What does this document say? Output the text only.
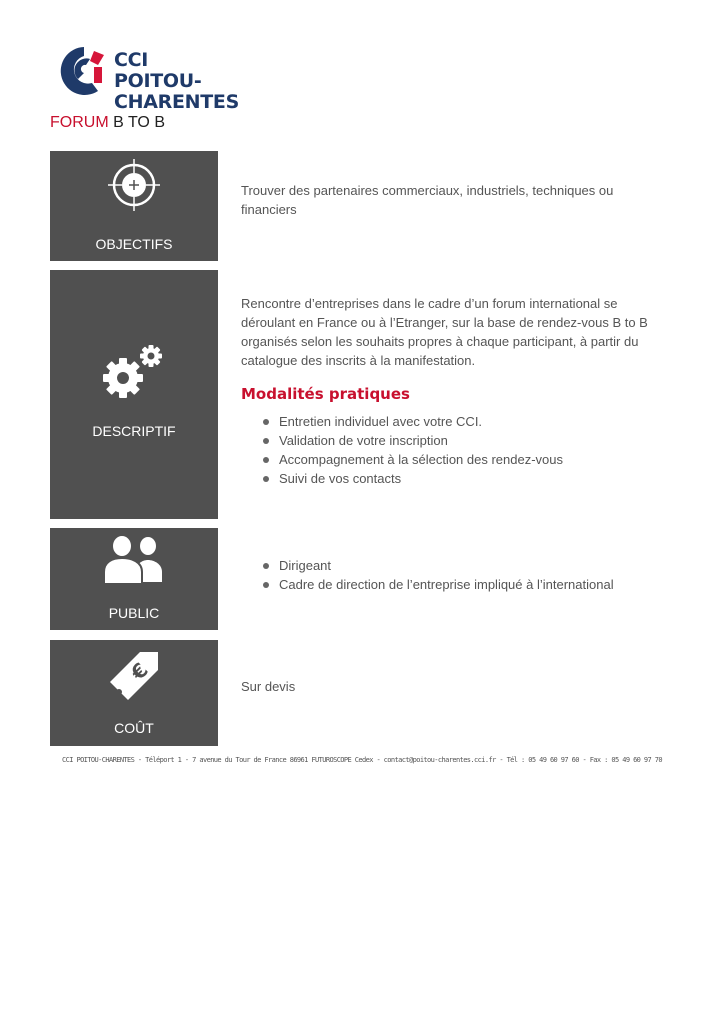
CCI
POITOU-CHARENTES
FORUM B TO B
OBJECTIFS

Trouver des partenaires commerciaux, industriels, techniques ou financiers

DESCRIPTIF

Rencontre d’entreprises dans le cadre d’un forum international se déroulant en France ou à l’Etranger, sur la base de rendez-vous B to B organisés selon les souhaits propres à chaque participant, à partir du catalogue des inscrits à la manifestation.

Modalités pratiques
Entretien individuel avec votre CCI.
Validation de votre inscription
Accompagnement à la sélection des rendez-vous
Suivi de vos contacts
PUBLIC
Dirigeant
Cadre de direction de l’entreprise impliqué à l’international
€
COÛT

Sur devis

CCI POITOU-CHARENTES - Téléport 1 - 7 avenue du Tour de France 86961 FUTUROSCOPE Cedex - contact@poitou-charentes.cci.fr - Tél : 05 49 60 97 60 - Fax : 05 49 60 97 70
